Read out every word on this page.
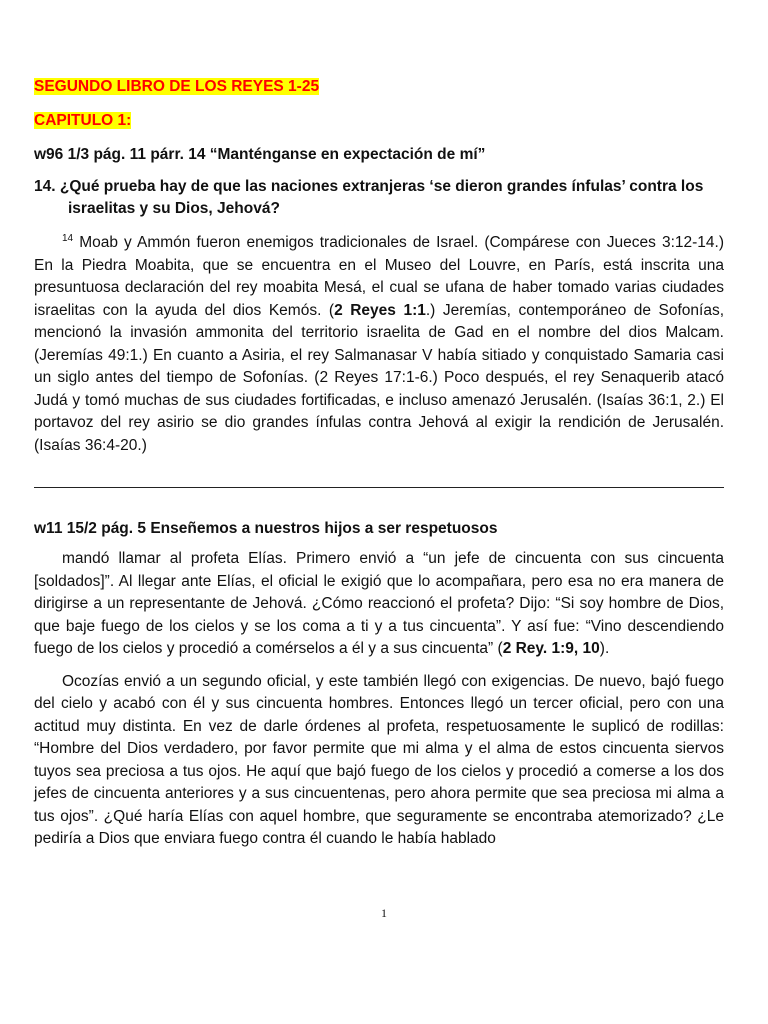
SEGUNDO LIBRO DE LOS REYES 1-25
CAPITULO 1:

w96 1/3 pág. 11 párr. 14 “Manténganse en expectación de mí”

14. ¿Qué prueba hay de que las naciones extranjeras ‘se dieron grandes ínfulas’ contra los israelitas y su Dios, Jehová?

$^{14}$ Moab y Ammón fueron enemigos tradicionales de Israel. (Compárese con Jueces 3:12-14.) En la Piedra Moabita, que se encuentra en el Museo del Louvre, en París, está inscrita una presuntuosa declaración del rey moabita Mesá, el cual se ufana de haber tomado varias ciudades israelitas con la ayuda del dios Kemós. (2 Reyes 1:1.) Jeremías, contemporáneo de Sofonías, mencionó la invasión ammonita del territorio israelita de Gad en el nombre del dios Malcam. (Jeremías 49:1.) En cuanto a Asiria, el rey Salmanasar V había sitiado y conquistado Samaria casi un siglo antes del tiempo de Sofonías. (2 Reyes 17:1-6.) Poco después, el rey Senaquerib atacó Judá y tomó muchas de sus ciudades fortificadas, e incluso amenazó Jerusalén. (Isaías 36:1, 2.) El portavoz del rey asirio se dio grandes ínfulas contra Jehová al exigir la rendición de Jerusalén. (Isaías 36:4-20.)

w11 15/2 pág. 5 Enseñemos a nuestros hijos a ser respetuosos

mandó llamar al profeta Elías. Primero envió a “un jefe de cincuenta con sus cincuenta [soldados]”. Al llegar ante Elías, el oficial le exigió que lo acompañara, pero esa no era manera de dirigirse a un representante de Jehová. ¿Cómo reaccionó el profeta? Dijo: “Si soy hombre de Dios, que baje fuego de los cielos y se los coma a ti y a tus cincuenta”. Y así fue: “Vino descendiendo fuego de los cielos y procedió a comérselos a él y a sus cincuenta” (2 Rey. 1:9, 10).

Ocozías envió a un segundo oficial, y este también llegó con exigencias. De nuevo, bajó fuego del cielo y acabó con él y sus cincuenta hombres. Entonces llegó un tercer oficial, pero con una actitud muy distinta. En vez de darle órdenes al profeta, respetuosamente le suplicó de rodillas: “Hombre del Dios verdadero, por favor permite que mi alma y el alma de estos cincuenta siervos tuyos sea preciosa a tus ojos. He aquí que bajó fuego de los cielos y procedió a comerse a los dos jefes de cincuenta anteriores y a sus cincuentenas, pero ahora permite que sea preciosa mi alma a tus ojos”. ¿Qué haría Elías con aquel hombre, que seguramente se encontraba atemorizado? ¿Le pediría a Dios que enviara fuego contra él cuando le había hablado

1
